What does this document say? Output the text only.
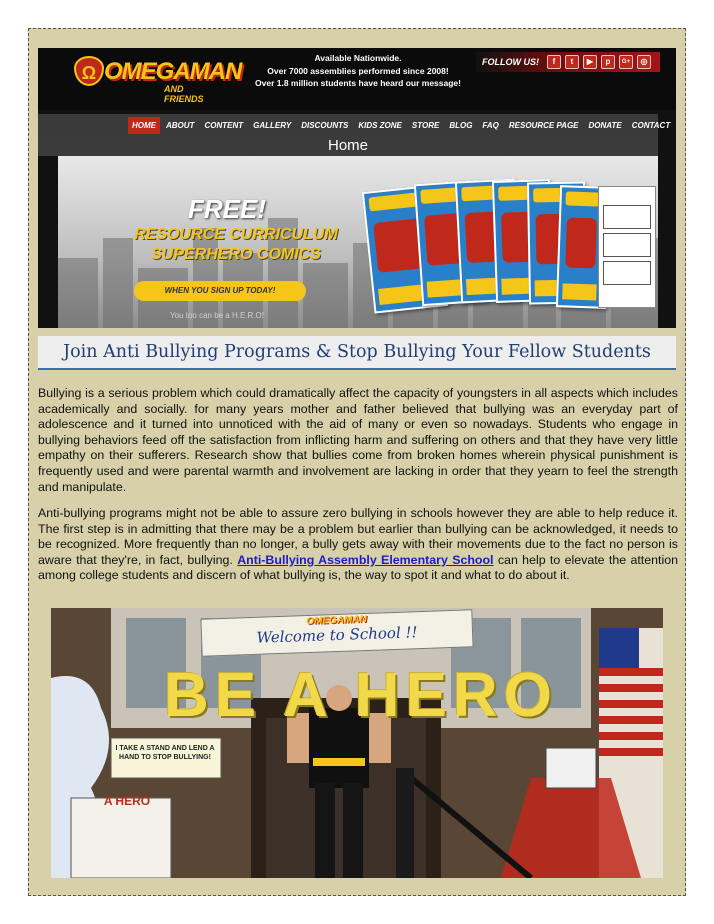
Ω OMEGAMAN
AND FRIENDS
Available Nationwide.
Over 7000 assemblies performed since 2008!
Over 1.8 million students have heard our message!
FOLLOW US!	f	t	▶	p	G+	◎
HOME	ABOUT	CONTENT	GALLERY	DISCOUNTS	KIDS ZONE	STORE	BLOG	FAQ	RESOURCE PAGE	DONATE	CONTACT
Home
FREE!
RESOURCE CURRICULUM
SUPERHERO COMICS
WHEN YOU SIGN UP TODAY!
You too can be a H.E.R.O!
Join Anti Bullying Programs & Stop Bullying Your Fellow Students

Bullying is a serious problem which could dramatically affect the capacity of youngsters in all aspects which includes academically and socially. for many years mother and father believed that bullying was an everyday part of adolescence and it turned into unnoticed with the aid of many or even so nowadays. Students who engage in bullying behaviors feed off the satisfaction from inflicting harm and suffering on others and that they have very little empathy on their sufferers. Research show that bullies come from broken homes wherein physical punishment is frequently used and were parental warmth and involvement are lacking in order that they yearn to feel the strength and manipulate.

Anti-bullying programs might not be able to assure zero bullying in schools however they are able to help reduce it. The first step is in admitting that there may be a problem but earlier than bullying can be acknowledged, it needs to be recognized. More frequently than no longer, a bully gets away with their movements due to the fact no person is aware that they're, in fact, bullying. Anti-Bullying Assembly Elementary School can help to elevate the attention among college students and discern of what bullying is, the way to spot it and what to do about it.

OMEGAMAN
Welcome to School !!
BE A HERO
I TAKE A STAND AND LEND A HAND TO STOP BULLYING!
A HERO
